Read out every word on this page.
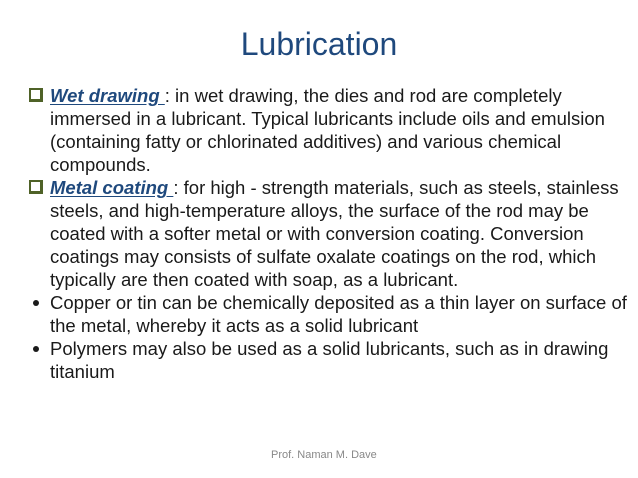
Lubrication
Wet drawing : in wet drawing, the dies and rod are completely immersed in a lubricant. Typical lubricants include oils and emulsion (containing fatty or chlorinated additives) and various chemical compounds.
Metal coating : for high - strength materials, such as steels, stainless steels, and high-temperature alloys, the surface of the rod may be coated with a softer metal or with conversion coating. Conversion coatings may consists of sulfate oxalate coatings on the rod, which typically are then coated with soap, as a lubricant.
Copper or tin can be chemically deposited as a thin layer on surface of the metal, whereby it acts as a solid lubricant
Polymers may also be used as a solid lubricants, such as in drawing titanium
Prof. Naman M. Dave
